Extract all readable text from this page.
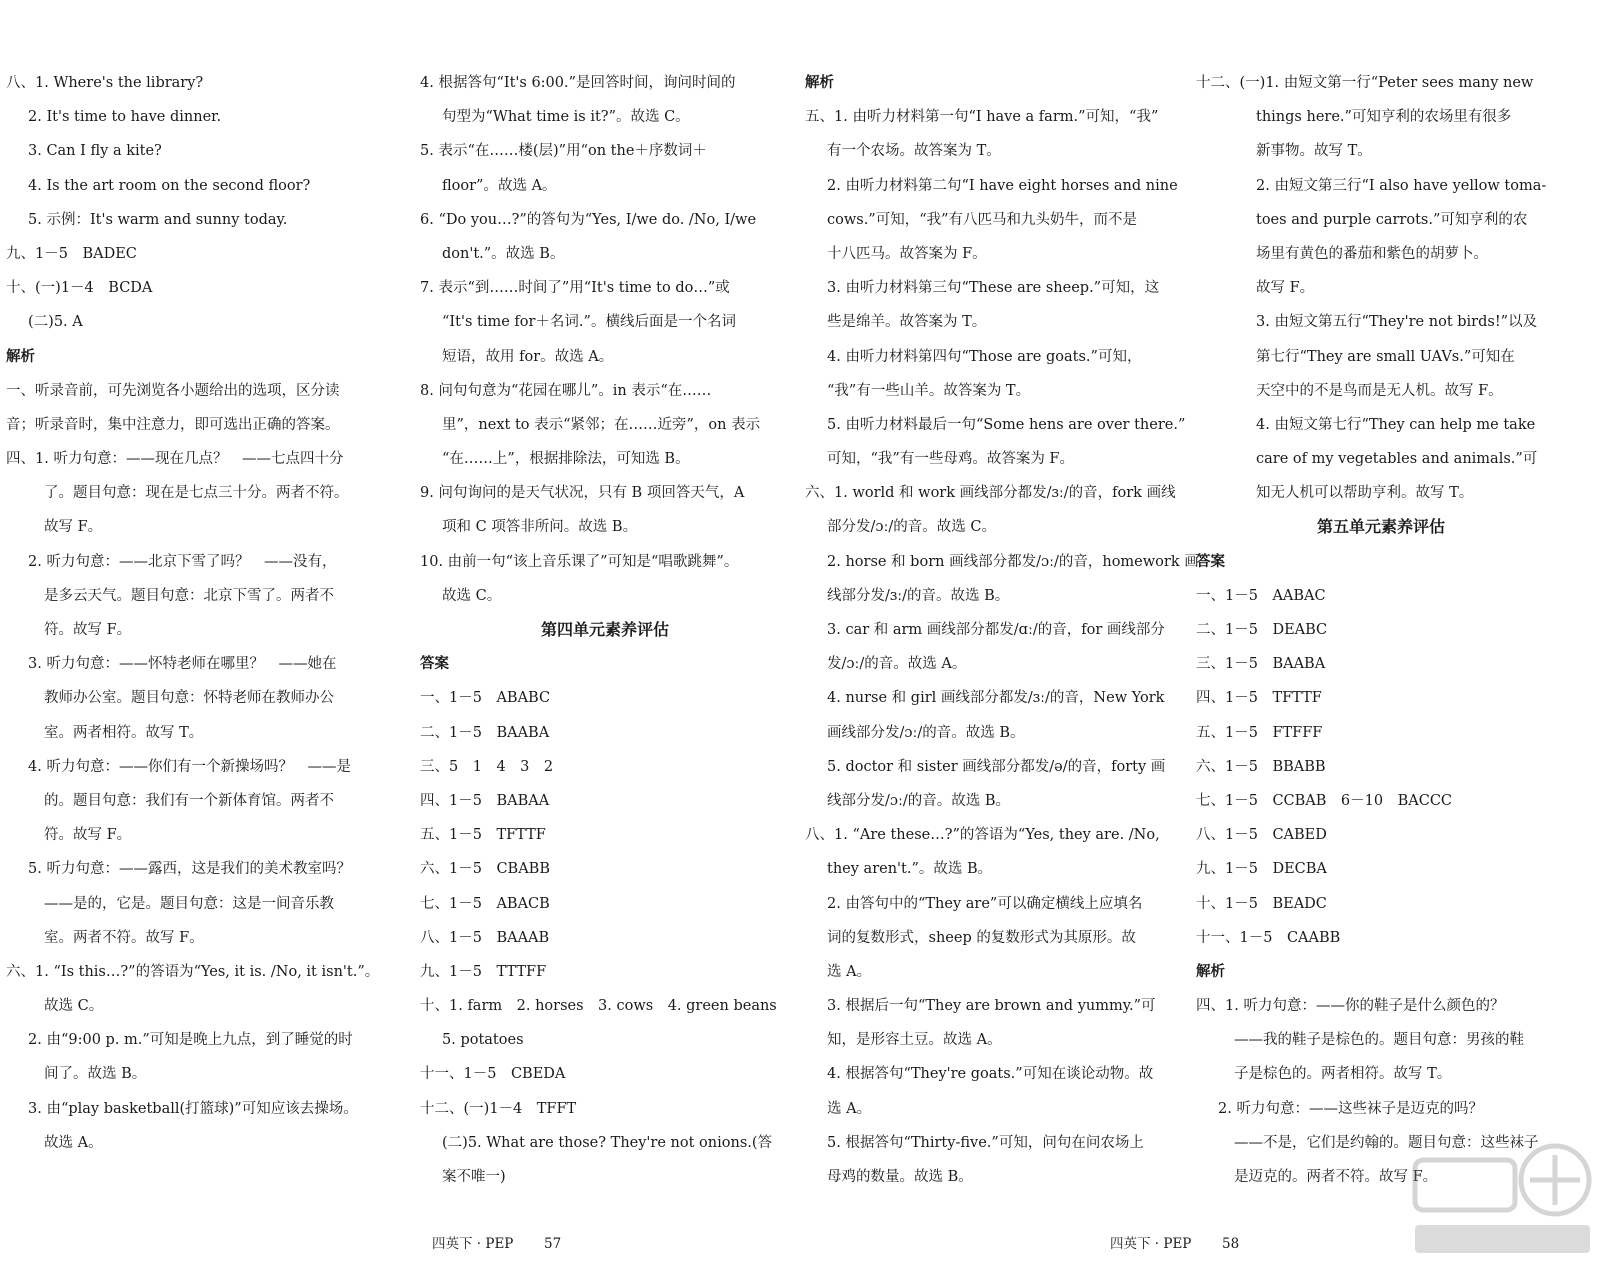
八、1. Where's the library?
2. It's time to have dinner.
3. Can I fly a kite?
4. Is the art room on the second floor?
5. 示例：It's warm and sunny today.
九、1－5　BADEC
十、(一)1－4　BCDA
(二)5. A
解析
一、听录音前，可先浏览各小题给出的选项，区分读
音；听录音时，集中注意力，即可选出正确的答案。
四、1. 听力句意：——现在几点？　——七点四十分
了。题目句意：现在是七点三十分。两者不符。
故写 F。
2. 听力句意：——北京下雪了吗？　——没有，
是多云天气。题目句意：北京下雪了。两者不
符。故写 F。
3. 听力句意：——怀特老师在哪里？　——她在
教师办公室。题目句意：怀特老师在教师办公
室。两者相符。故写 T。
4. 听力句意：——你们有一个新操场吗？　——是
的。题目句意：我们有一个新体育馆。两者不
符。故写 F。
5. 听力句意：——露西，这是我们的美术教室吗？
——是的，它是。题目句意：这是一间音乐教
室。两者不符。故写 F。
六、1. “Is this…?”的答语为“Yes, it is. /No, it isn't.”。
故选 C。
2. 由“9:00 p. m.”可知是晚上九点，到了睡觉的时
间了。故选 B。
3. 由“play basketball(打篮球)”可知应该去操场。
故选 A。
4. 根据答句“It's 6:00.”是回答时间，询问时间的
句型为“What time is it?”。故选 C。
5. 表示“在……楼(层)”用“on the＋序数词＋
floor”。故选 A。
6. “Do you…?”的答句为“Yes, I/we do. /No, I/we
don't.”。故选 B。
7. 表示“到……时间了”用“It's time to do…”或
“It's time for＋名词.”。横线后面是一个名词
短语，故用 for。故选 A。
8. 问句句意为“花园在哪儿”。in 表示“在……
里”，next to 表示“紧邻；在……近旁”，on 表示
“在……上”，根据排除法，可知选 B。
9. 问句询问的是天气状况，只有 B 项回答天气，A
项和 C 项答非所问。故选 B。
10. 由前一句“该上音乐课了”可知是“唱歌跳舞”。
故选 C。
第四单元素养评估
答案
一、1－5　ABABC
二、1－5　BAABA
三、5　1　4　3　2
四、1－5　BABAA
五、1－5　TFTTF
六、1－5　CBABB
七、1－5　ABACB
八、1－5　BAAAB
九、1－5　TTTFF
十、1. farm　2. horses　3. cows　4. green beans
5. potatoes
十一、1－5　CBEDA
十二、(一)1－4　TFFT
(二)5. What are those? They're not onions.(答
案不唯一)
解析
五、1. 由听力材料第一句“I have a farm.”可知，“我”
有一个农场。故答案为 T。
2. 由听力材料第二句“I have eight horses and nine
cows.”可知，“我”有八匹马和九头奶牛，而不是
十八匹马。故答案为 F。
3. 由听力材料第三句“These are sheep.”可知，这
些是绵羊。故答案为 T。
4. 由听力材料第四句“Those are goats.”可知，
“我”有一些山羊。故答案为 T。
5. 由听力材料最后一句“Some hens are over there.”
可知，“我”有一些母鸡。故答案为 F。
六、1. world 和 work 画线部分都发/ɜː/的音，fork 画线
部分发/ɔː/的音。故选 C。
2. horse 和 born 画线部分都发/ɔː/的音，homework 画
线部分发/ɜː/的音。故选 B。
3. car 和 arm 画线部分都发/ɑː/的音，for 画线部分
发/ɔː/的音。故选 A。
4. nurse 和 girl 画线部分都发/ɜː/的音，New York
画线部分发/ɔː/的音。故选 B。
5. doctor 和 sister 画线部分都发/ə/的音，forty 画
线部分发/ɔː/的音。故选 B。
八、1. “Are these…?”的答语为“Yes, they are. /No,
they aren't.”。故选 B。
2. 由答句中的“They are”可以确定横线上应填名
词的复数形式，sheep 的复数形式为其原形。故
选 A。
3. 根据后一句“They are brown and yummy.”可
知，是形容土豆。故选 A。
4. 根据答句“They're goats.”可知在谈论动物。故
选 A。
5. 根据答句“Thirty-five.”可知，问句在问农场上
母鸡的数量。故选 B。
十二、(一)1. 由短文第一行“Peter sees many new
things here.”可知亨利的农场里有很多
新事物。故写 T。
2. 由短文第三行“I also have yellow toma-
toes and purple carrots.”可知亨利的农
场里有黄色的番茄和紫色的胡萝卜。
故写 F。
3. 由短文第五行“They're not birds!”以及
第七行“They are small UAVs.”可知在
天空中的不是鸟而是无人机。故写 F。
4. 由短文第七行“They can help me take
care of my vegetables and animals.”可
知无人机可以帮助亨利。故写 T。
第五单元素养评估
答案
一、1－5　AABAC
二、1－5　DEABC
三、1－5　BAABA
四、1－5　TFTTF
五、1－5　FTFFF
六、1－5　BBABB
七、1－5　CCBAB　6－10　BACCC
八、1－5　CABED
九、1－5　DECBA
十、1－5　BEADC
十一、1－5　CAABB
解析
四、1. 听力句意：——你的鞋子是什么颜色的？
——我的鞋子是棕色的。题目句意：男孩的鞋
子是棕色的。两者相符。故写 T。
2. 听力句意：——这些袜子是迈克的吗？
——不是，它们是约翰的。题目句意：这些袜子
是迈克的。两者不符。故写 F。
四英下 · PEP 57	四英下 · PEP 58
